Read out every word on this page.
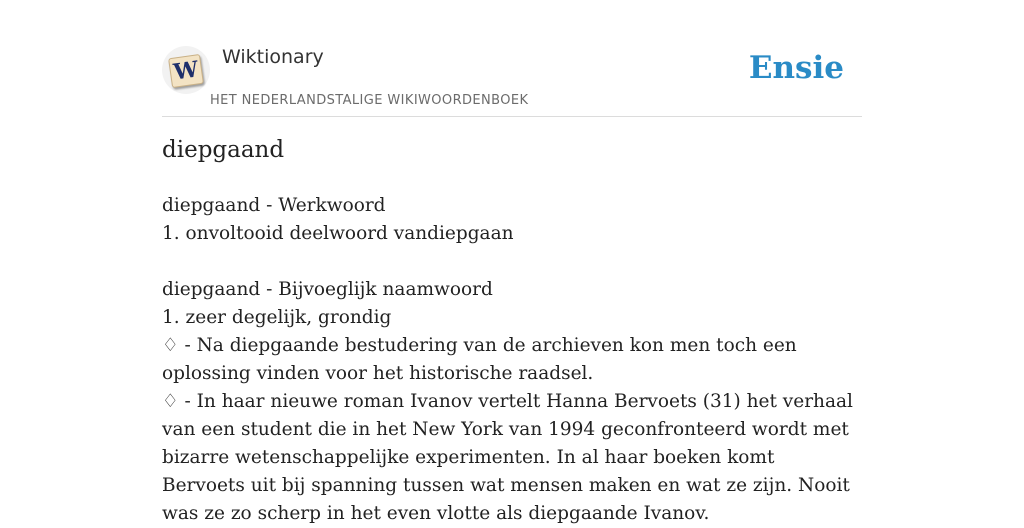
W Wiktionary
HET NEDERLANDSTALIGE WIKIWOORDENBOEK
Ensie
diepgaand

diepgaand - Werkwoord

1. onvoltooid deelwoord vandiepgaan

diepgaand - Bijvoeglijk naamwoord

1. zeer degelijk, grondig

♢ - Na diepgaande bestudering van de archieven kon men toch een oplossing vinden voor het historische raadsel.

♢ - In haar nieuwe roman Ivanov vertelt Hanna Bervoets (31) het verhaal van een student die in het New York van 1994 geconfronteerd wordt met bizarre wetenschappelijke experimenten. In al haar boeken komt Bervoets uit bij spanning tussen wat mensen maken en wat ze zijn. Nooit was ze zo scherp in het even vlotte als diepgaande Ivanov.
